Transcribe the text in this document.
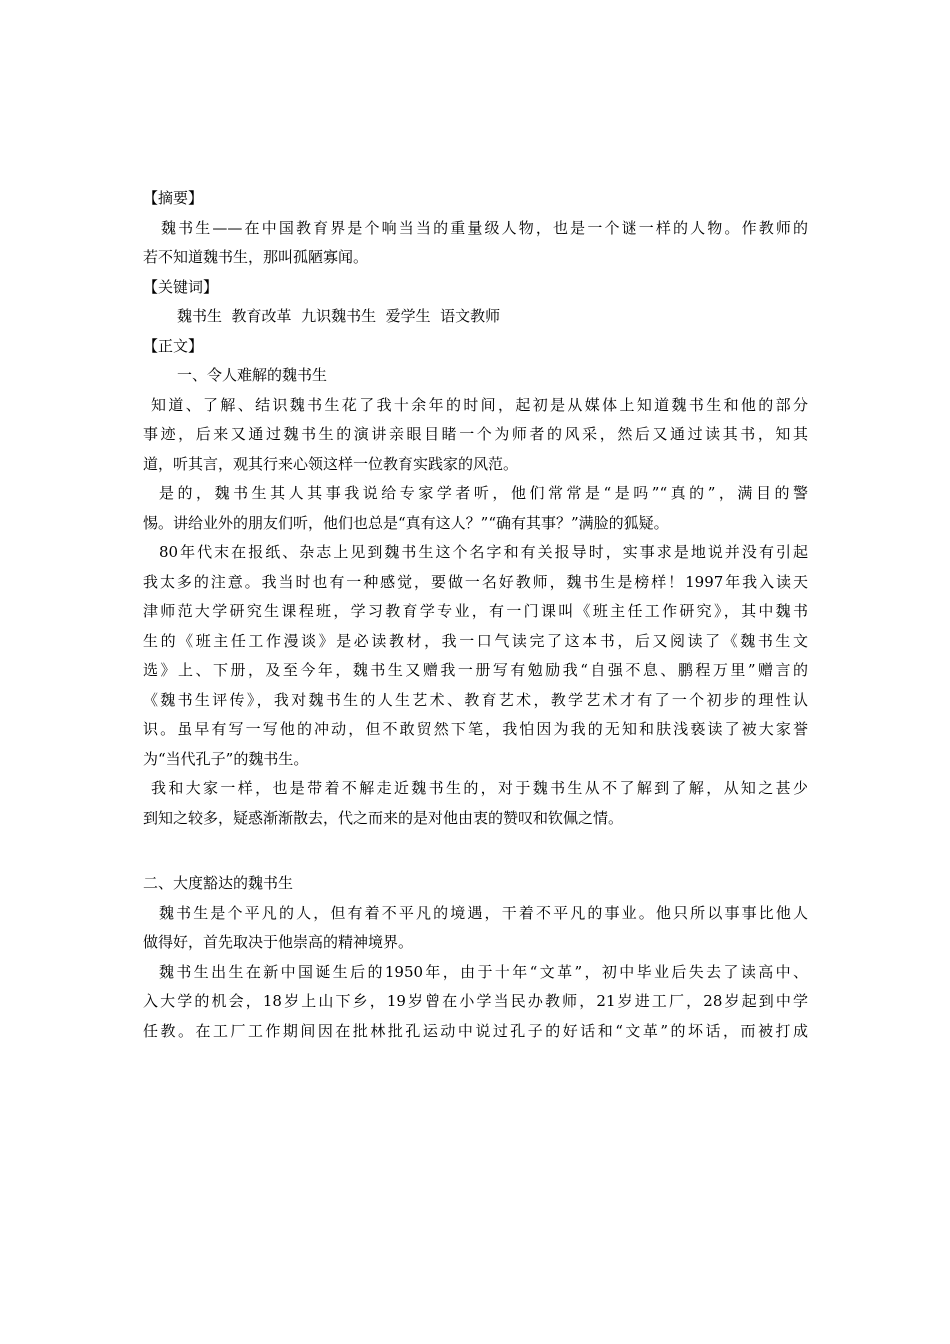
【摘要】
魏书生——在中国教育界是个响当当的重量级人物，也是一个谜一样的人物。作教师的
若不知道魏书生，那叫孤陋寡闻。
【关键词】
魏书生  教育改革  九识魏书生  爱学生  语文教师
【正文】
一、令人难解的魏书生
知道、了解、结识魏书生花了我十余年的时间，起初是从媒体上知道魏书生和他的部分
事迹，后来又通过魏书生的演讲亲眼目睹一个为师者的风采，然后又通过读其书，知其
道，听其言，观其行来心领这样一位教育实践家的风范。
是的，魏书生其人其事我说给专家学者听，他们常常是“是吗”“真的”，满目的警
惕。讲给业外的朋友们听，他们也总是“真有这人？”“确有其事？”满脸的狐疑。
80年代末在报纸、杂志上见到魏书生这个名字和有关报导时，实事求是地说并没有引起
我太多的注意。我当时也有一种感觉，要做一名好教师，魏书生是榜样！1997年我入读天
津师范大学研究生课程班，学习教育学专业，有一门课叫《班主任工作研究》，其中魏书
生的《班主任工作漫谈》是必读教材，我一口气读完了这本书，后又阅读了《魏书生文
选》上、下册，及至今年，魏书生又赠我一册写有勉励我“自强不息、鹏程万里”赠言的
《魏书生评传》，我对魏书生的人生艺术、教育艺术，教学艺术才有了一个初步的理性认
识。虽早有写一写他的冲动，但不敢贸然下笔，我怕因为我的无知和肤浅亵读了被大家誉
为“当代孔子”的魏书生。
我和大家一样，也是带着不解走近魏书生的，对于魏书生从不了解到了解，从知之甚少
到知之较多，疑惑渐渐散去，代之而来的是对他由衷的赞叹和钦佩之情。
二、大度豁达的魏书生
魏书生是个平凡的人，但有着不平凡的境遇，干着不平凡的事业。他只所以事事比他人
做得好，首先取决于他崇高的精神境界。
魏书生出生在新中国诞生后的1950年，由于十年“文革”，初中毕业后失去了读高中、
入大学的机会，18岁上山下乡，19岁曾在小学当民办教师，21岁进工厂，28岁起到中学
任教。在工厂工作期间因在批林批孔运动中说过孔子的好话和“文革”的坏话，而被打成
